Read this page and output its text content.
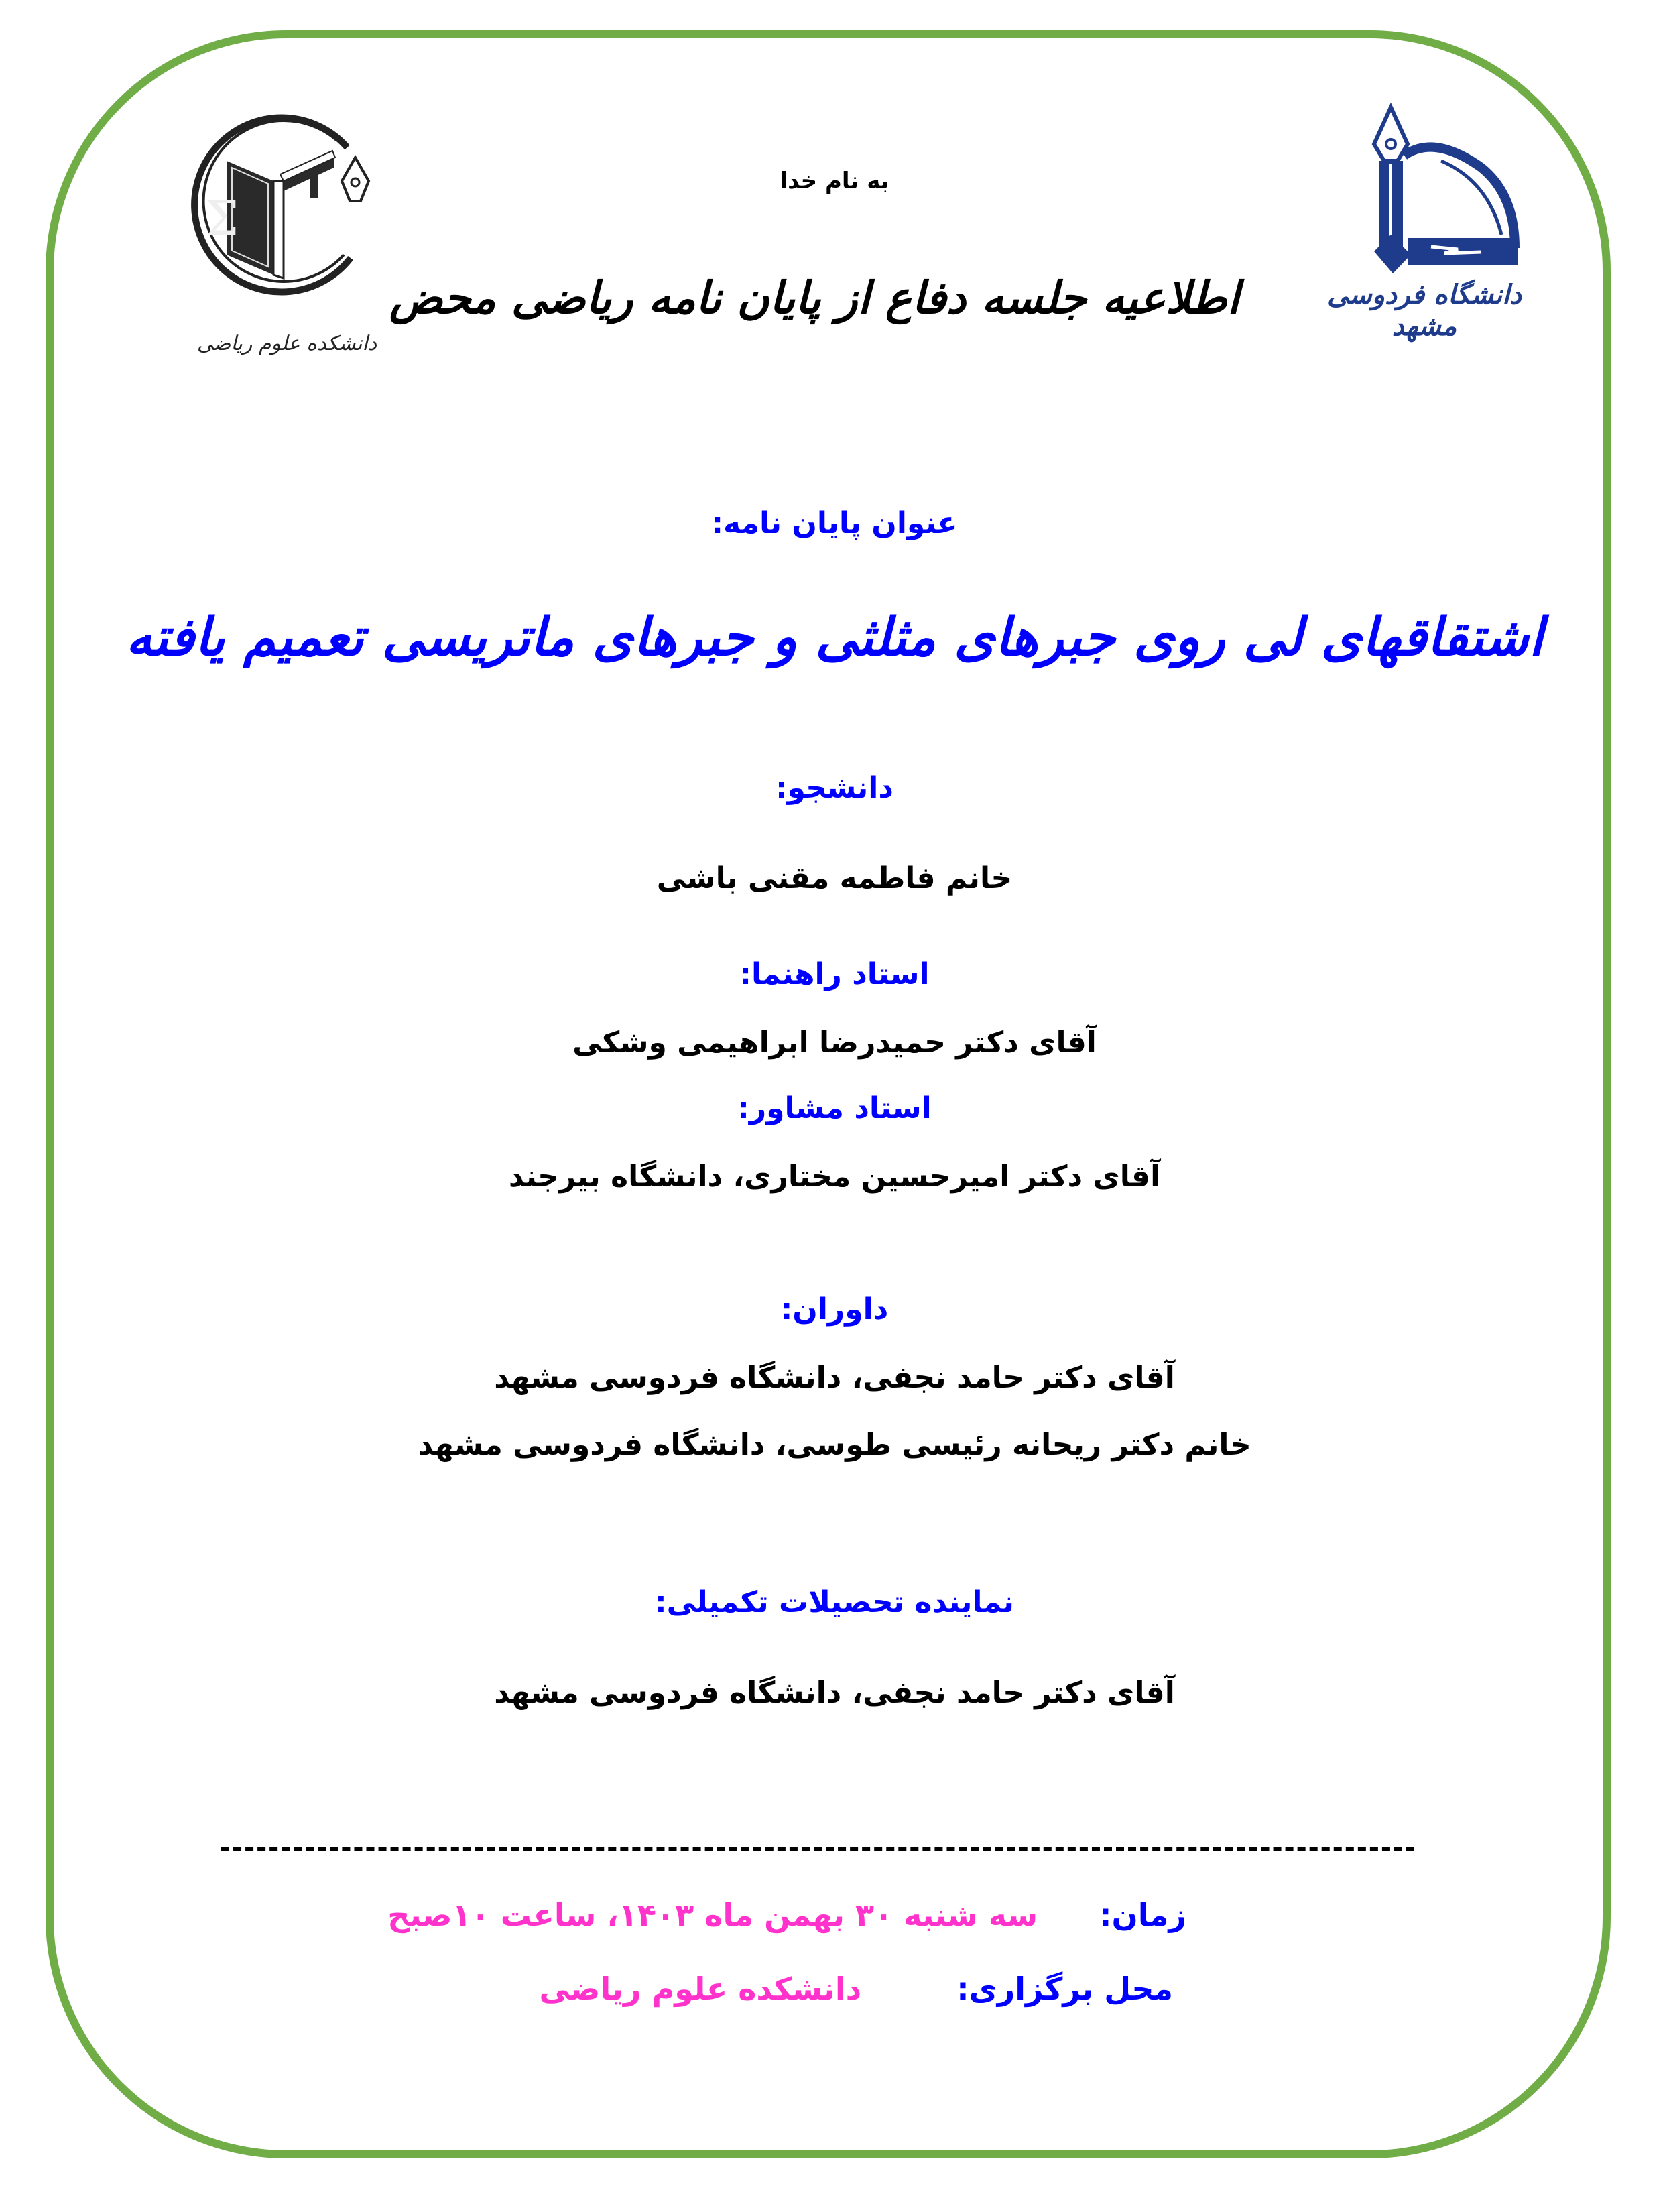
Σ
دانشکده علوم ریاضی
دانشگاه فردوسی مشهد
به نام خدا
اطلاعیه جلسه دفاع از پایان نامه ریاضی محض
عنوان پایان نامه:
اشتقاقهای لی روی جبرهای مثلثی و جبرهای ماتریسی تعمیم یافته
دانشجو:
خانم فاطمه مقنی باشی
استاد راهنما:
آقای دکتر حمیدرضا ابراهیمی وشکی
استاد مشاور:
آقای دکتر امیرحسین مختاری، دانشگاه بیرجند
داوران:
آقای دکتر حامد نجفی، دانشگاه فردوسی مشهد
خانم دکتر ریحانه رئیسی طوسی، دانشگاه فردوسی مشهد
نماینده تحصیلات تکمیلی:
آقای دکتر حامد نجفی، دانشگاه فردوسی مشهد
زمان:  سه شنبه ۳۰ بهمن ماه ۱۴۰۳، ساعت ۱۰صبح
محل برگزاری:  دانشکده علوم ریاضی
